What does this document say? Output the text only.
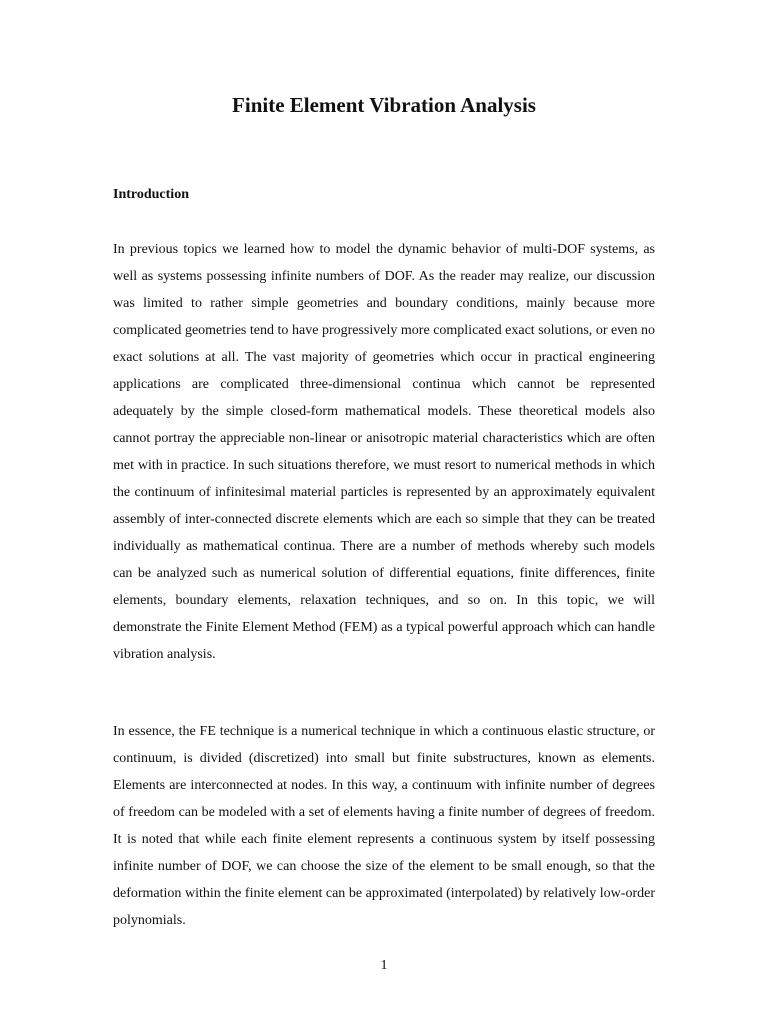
Finite Element Vibration Analysis
Introduction

In previous topics we learned how to model the dynamic behavior of multi-DOF systems, as well as systems possessing infinite numbers of DOF. As the reader may realize, our discussion was limited to rather simple geometries and boundary conditions, mainly because more complicated geometries tend to have progressively more complicated exact solutions, or even no exact solutions at all. The vast majority of geometries which occur in practical engineering applications are complicated three-dimensional continua which cannot be represented adequately by the simple closed-form mathematical models. These theoretical models also cannot portray the appreciable non-linear or anisotropic material characteristics which are often met with in practice. In such situations therefore, we must resort to numerical methods in which the continuum of infinitesimal material particles is represented by an approximately equivalent assembly of inter-connected discrete elements which are each so simple that they can be treated individually as mathematical continua. There are a number of methods whereby such models can be analyzed such as numerical solution of differential equations, finite differences, finite elements, boundary elements, relaxation techniques, and so on. In this topic, we will demonstrate the Finite Element Method (FEM) as a typical powerful approach which can handle vibration analysis.

In essence, the FE technique is a numerical technique in which a continuous elastic structure, or continuum, is divided (discretized) into small but finite substructures, known as elements. Elements are interconnected at nodes. In this way, a continuum with infinite number of degrees of freedom can be modeled with a set of elements having a finite number of degrees of freedom. It is noted that while each finite element represents a continuous system by itself possessing infinite number of DOF, we can choose the size of the element to be small enough, so that the deformation within the finite element can be approximated (interpolated) by relatively low-order polynomials.

1
